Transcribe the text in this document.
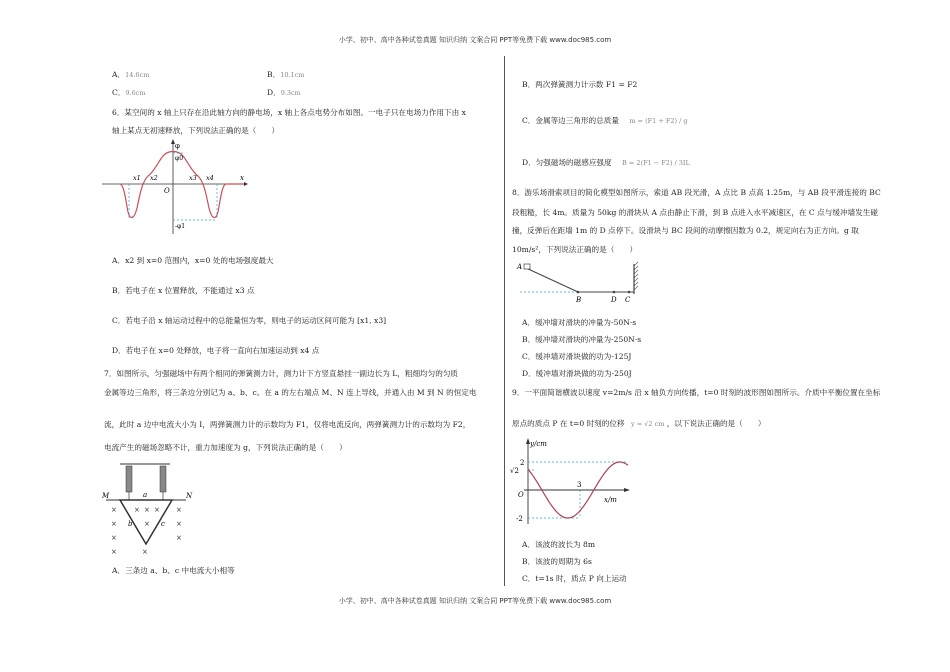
小学、初中、高中各种试卷真题 知识归纳 文案合同 PPT等免费下载 www.doc985.com
A．14.6cm	B．10.1cm
C．9.6cm	D．9.3cm
6．某空间的 x 轴上只存在沿此轴方向的静电场，x 轴上各点电势分布如图。一电子只在电场力作用下由 x
轴上某点无初速释放，下列说法正确的是（　　）
φ
φ0
-φ1
x1 x2
O
x3 x4	x
A．x2 到 x=0 范围内，x=0 处的电场强度最大
B．若电子在 x 位置释放，不能通过 x3 点
C．若电子沿 x 轴运动过程中的总能量恒为零，则电子的运动区间可能为 [x1, x3]
D．若电子在 x=0 处释放，电子将一直向右加速运动到 x4 点
7．如图所示，匀强磁场中有两个相同的弹簧测力计，测力计下方竖直悬挂一副边长为 L，粗细均匀的匀质
金属等边三角形，将三条边分别记为 a、b、c。在 a 的左右端点 M、N 连上导线，并通入由 M 到 N 的恒定电
流，此时 a 边中电流大小为 I，两弹簧测力计的示数均为 F1，仅将电流反向，两弹簧测力计的示数均为 F2，
电流产生的磁场忽略不计，重力加速度为 g，下列说法正确的是（　　）
M	N
a
b	c
×
×
×
×
× × ×
×
×
×
×
×
A．三条边 a、b、c 中电流大小相等
B．两次弹簧测力计示数 F1 = F2
C．金属等边三角形的总质量 m = (F1 + F2) / g
D．匀强磁场的磁感应强度 B = 2(F1 − F2) / 3IL
8．游乐场滑索项目的简化模型如图所示，索道 AB 段光滑，A 点比 B 点高 1.25m，与 AB 段平滑连接的 BC
段粗糙，长 4m。质量为 50kg 的滑块从 A 点由静止下滑，到 B 点进入水平减速区，在 C 点与缓冲墙发生碰
撞，反弹后在距墙 1m 的 D 点停下。设滑块与 BC 段间的动摩擦因数为 0.2，规定向右为正方向。g 取
10m/s²，下列说法正确的是（　　）
A
B	D C
A．缓冲墙对滑块的冲量为-50N·s
B．缓冲墙对滑块的冲量为-250N·s
C．缓冲墙对滑块做的功为-125J
D．缓冲墙对滑块做的功为-250J
9．一平面简谐横波以速度 v=2m/s 沿 x 轴负方向传播，t=0 时刻的波形图如图所示。介质中平衡位置在坐标
原点的质点 P 在 t=0 时刻的位移 y = √2 cm ，以下说法正确的是（　　）
y/cm
x/m
2
√2
O
-2
3
A．该波的波长为 8m
B．该波的周期为 6s
C．t=1s 时，质点 P 向上运动
小学、初中、高中各种试卷真题 知识归纳 文案合同 PPT等免费下载 www.doc985.com
